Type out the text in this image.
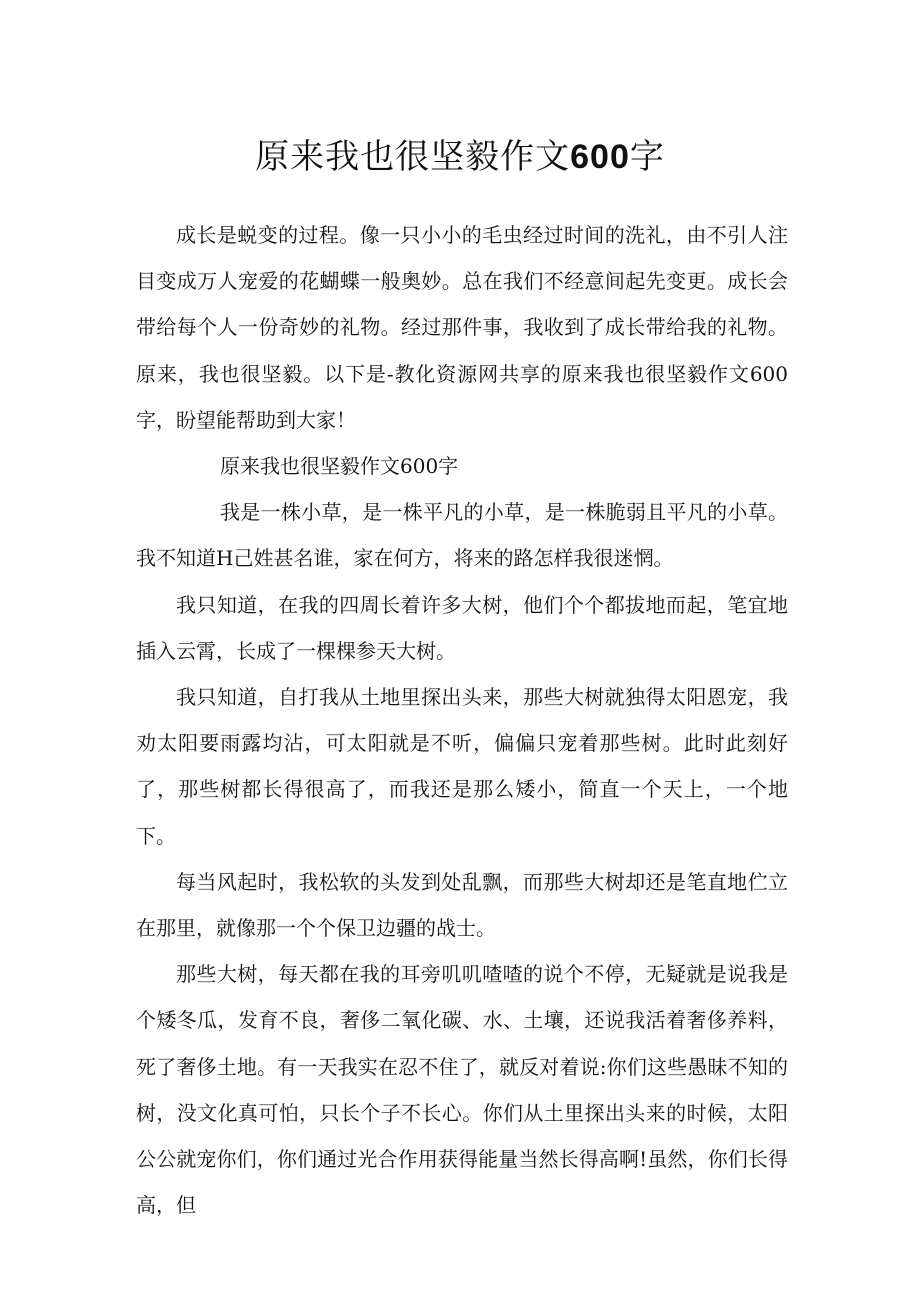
原来我也很坚毅作文600字

成长是蜕变的过程。像一只小小的毛虫经过时间的洗礼，由不引人注目变成万人宠爱的花蝴蝶一般奥妙。总在我们不经意间起先变更。成长会带给每个人一份奇妙的礼物。经过那件事，我收到了成长带给我的礼物。原来，我也很坚毅。以下是-教化资源网共享的原来我也很坚毅作文600字，盼望能帮助到大家！

原来我也很坚毅作文600字

我是一株小草，是一株平凡的小草，是一株脆弱且平凡的小草。我不知道H己姓甚名谁，家在何方，将来的路怎样我很迷惘。

我只知道，在我的四周长着许多大树，他们个个都拔地而起，笔宜地插入云霄，长成了一棵棵参天大树。

我只知道，自打我从土地里探出头来，那些大树就独得太阳恩宠，我劝太阳要雨露均沾，可太阳就是不听，偏偏只宠着那些树。此时此刻好了，那些树都长得很高了，而我还是那么矮小，简直一个天上，一个地下。

每当风起时，我松软的头发到处乱飘，而那些大树却还是笔直地伫立在那里，就像那一个个保卫边疆的战士。

那些大树，每天都在我的耳旁叽叽喳喳的说个不停，无疑就是说我是个矮冬瓜，发育不良，奢侈二氧化碳、水、土壤，还说我活着奢侈养料，死了奢侈土地。有一天我实在忍不住了，就反对着说:你们这些愚昧不知的树，没文化真可怕，只长个子不长心。你们从土里探出头来的时候，太阳公公就宠你们，你们通过光合作用获得能量当然长得高啊!虽然，你们长得高，但
